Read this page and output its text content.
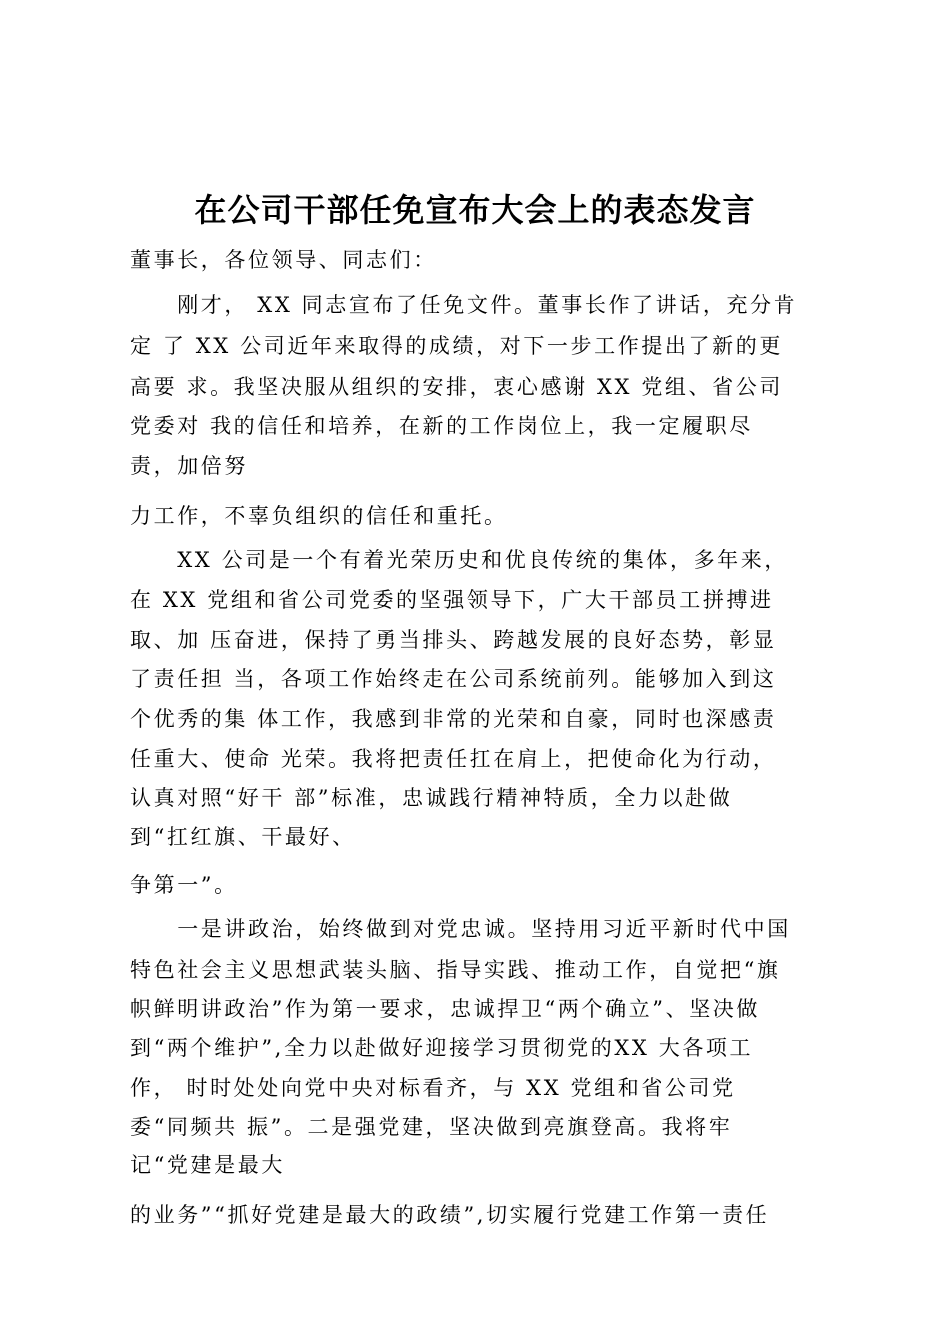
在公司干部任免宣布大会上的表态发言
董事长，各位领导、同志们：
　　刚才， XX 同志宣布了任免文件。董事长作了讲话，充分肯
定 了 XX 公司近年来取得的成绩，对下一步工作提出了新的更
高要 求。我坚决服从组织的安排，衷心感谢 XX 党组、省公司
党委对 我的信任和培养，在新的工作岗位上，我一定履职尽
责，加倍努
力工作，不辜负组织的信任和重托。
　　XX 公司是一个有着光荣历史和优良传统的集体，多年来，
在 XX 党组和省公司党委的坚强领导下，广大干部员工拼搏进
取、加 压奋进，保持了勇当排头、跨越发展的良好态势，彰显
了责任担 当，各项工作始终走在公司系统前列。能够加入到这
个优秀的集 体工作，我感到非常的光荣和自豪，同时也深感责
任重大、使命 光荣。我将把责任扛在肩上，把使命化为行动，
认真对照“好干 部”标准，忠诚践行精神特质，全力以赴做
到“扛红旗、干最好、
争第一”。
　　一是讲政治，始终做到对党忠诚。坚持用习近平新时代中国
特色社会主义思想武装头脑、指导实践、推动工作，自觉把“旗
帜鲜明讲政治”作为第一要求，忠诚捍卫“两个确立”、坚决做
到“两个维护”,全力以赴做好迎接学习贯彻党的XX 大各项工
作， 时时处处向党中央对标看齐，与 XX 党组和省公司党
委“同频共 振”。二是强党建，坚决做到亮旗登高。我将牢
记“党建是最大
的业务”“抓好党建是最大的政绩”,切实履行党建工作第一责任
